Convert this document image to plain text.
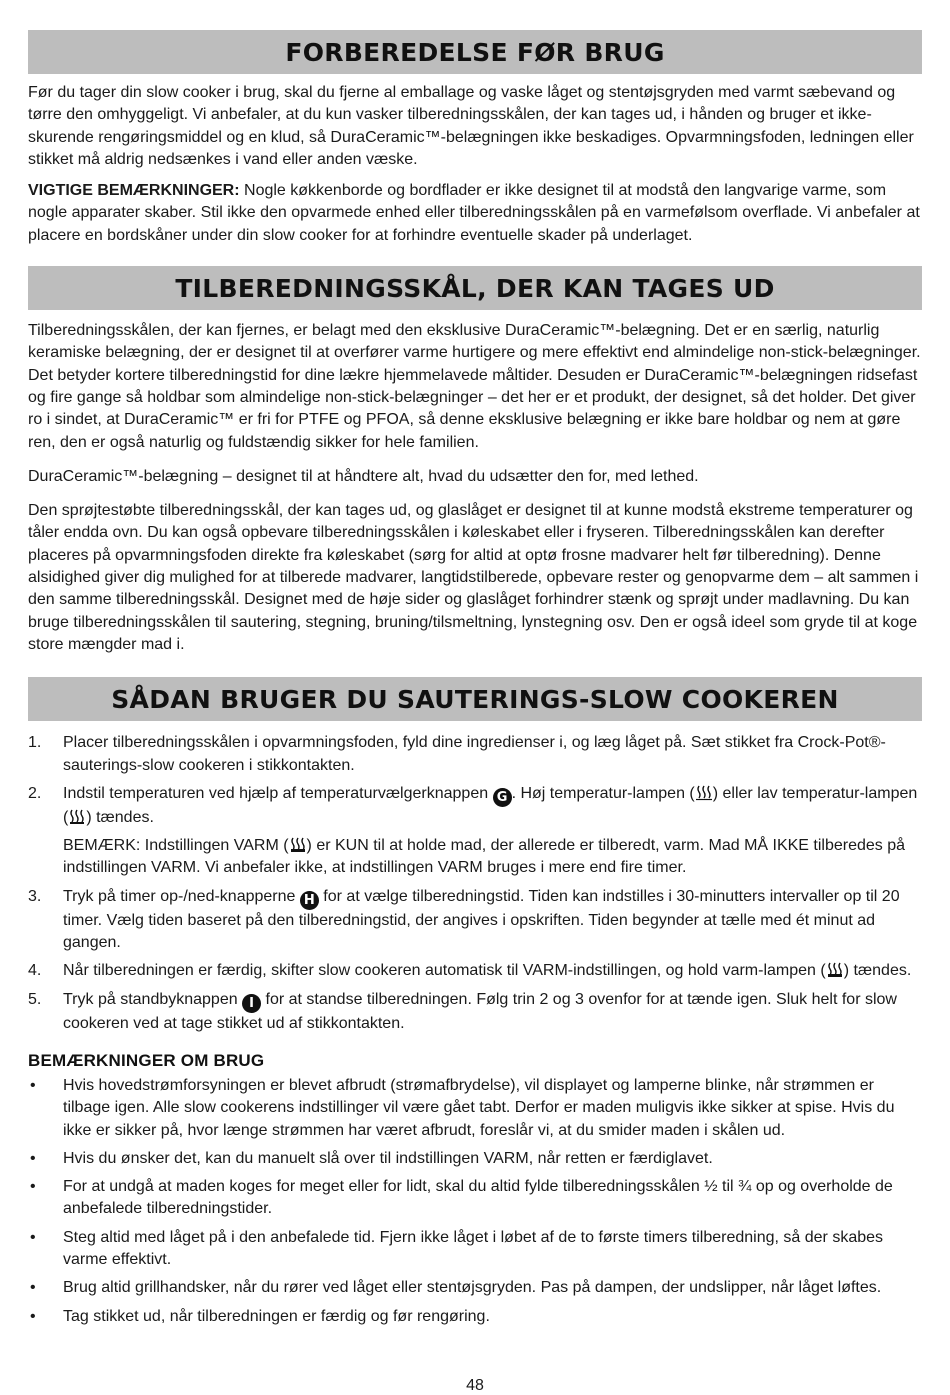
FORBEREDELSE FØR BRUG

Før du tager din slow cooker i brug, skal du fjerne al emballage og vaske låget og stentøjsgryden med varmt sæbevand og tørre den omhyggeligt. Vi anbefaler, at du kun vasker tilberedningsskålen, der kan tages ud, i hånden og bruger et ikke-skurende rengøringsmiddel og en klud, så DuraCeramic™-belægningen ikke beskadiges. Opvarmningsfoden, ledningen eller stikket må aldrig nedsænkes i vand eller anden væske.

VIGTIGE BEMÆRKNINGER: Nogle køkkenborde og bordflader er ikke designet til at modstå den langvarige varme, som nogle apparater skaber. Stil ikke den opvarmede enhed eller tilberedningsskålen på en varmefølsom overflade. Vi anbefaler at placere en bordskåner under din slow cooker for at forhindre eventuelle skader på underlaget.

TILBEREDNINGSSKÅL, DER KAN TAGES UD

Tilberedningsskålen, der kan fjernes, er belagt med den eksklusive DuraCeramic™-belægning. Det er en særlig, naturlig keramiske belægning, der er designet til at overfører varme hurtigere og mere effektivt end almindelige non-stick-belægninger. Det betyder kortere tilberedningstid for dine lækre hjemmelavede måltider. Desuden er DuraCeramic™-belægningen ridsefast og fire gange så holdbar som almindelige non-stick-belægninger – det her er et produkt, der designet, så det holder. Det giver ro i sindet, at DuraCeramic™ er fri for PTFE og PFOA, så denne eksklusive belægning er ikke bare holdbar og nem at gøre ren, den er også naturlig og fuldstændig sikker for hele familien.

DuraCeramic™-belægning – designet til at håndtere alt, hvad du udsætter den for, med lethed.

Den sprøjtestøbte tilberedningsskål, der kan tages ud, og glaslåget er designet til at kunne modstå ekstreme temperaturer og tåler endda ovn. Du kan også opbevare tilberedningsskålen i køleskabet eller i fryseren. Tilberedningsskålen kan derefter placeres på opvarmningsfoden direkte fra køleskabet (sørg for altid at optø frosne madvarer helt før tilberedning). Denne alsidighed giver dig mulighed for at tilberede madvarer, langtidstilberede, opbevare rester og genopvarme dem – alt sammen i den samme tilberedningsskål. Designet med de høje sider og glaslåget forhindrer stænk og sprøjt under madlavning. Du kan bruge tilberedningsskålen til sautering, stegning, bruning/tilsmeltning, lynstegning osv. Den er også ideel som gryde til at koge store mængder mad i.

SÅDAN BRUGER DU SAUTERINGS-SLOW COOKEREN
1. Placer tilberedningsskålen i opvarmningsfoden, fyld dine ingredienser i, og læg låget på. Sæt stikket fra Crock-Pot®-sauterings-slow cookeren i stikkontakten.
2. Indstil temperaturen ved hjælp af temperaturvælgerknappen G . Høj temperatur-lampen ( ) eller lav temperatur-lampen ( ) tændes.

BEMÆRK: Indstillingen VARM ( ) er KUN til at holde mad, der allerede er tilberedt, varm. Mad MÅ IKKE tilberedes på indstillingen VARM. Vi anbefaler ikke, at indstillingen VARM bruges i mere end fire timer.

3. Tryk på timer op-/ned-knapperne H for at vælge tilberedningstid. Tiden kan indstilles i 30-minutters intervaller op til 20 timer. Vælg tiden baseret på den tilberedningstid, der angives i opskriften. Tiden begynder at tælle med ét minut ad gangen.
4. Når tilberedningen er færdig, skifter slow cookeren automatisk til VARM-indstillingen, og hold varm-lampen ( ) tændes.
5. Tryk på standbyknappen I for at standse tilberedningen. Følg trin 2 og 3 ovenfor for at tænde igen. Sluk helt for slow cookeren ved at tage stikket ud af stikkontakten.
BEMÆRKNINGER OM BRUG
• Hvis hovedstrømforsyningen er blevet afbrudt (strømafbrydelse), vil displayet og lamperne blinke, når strømmen er tilbage igen. Alle slow cookerens indstillinger vil være gået tabt. Derfor er maden muligvis ikke sikker at spise. Hvis du ikke er sikker på, hvor længe strømmen har været afbrudt, foreslår vi, at du smider maden i skålen ud.
• Hvis du ønsker det, kan du manuelt slå over til indstillingen VARM, når retten er færdiglavet.
• For at undgå at maden koges for meget eller for lidt, skal du altid fylde tilberedningsskålen ½ til ¾ op og overholde de anbefalede tilberedningstider.
• Steg altid med låget på i den anbefalede tid. Fjern ikke låget i løbet af de to første timers tilberedning, så der skabes varme effektivt.
• Brug altid grillhandsker, når du rører ved låget eller stentøjsgryden. Pas på dampen, der undslipper, når låget løftes.
• Tag stikket ud, når tilberedningen er færdig og før rengøring.
48
